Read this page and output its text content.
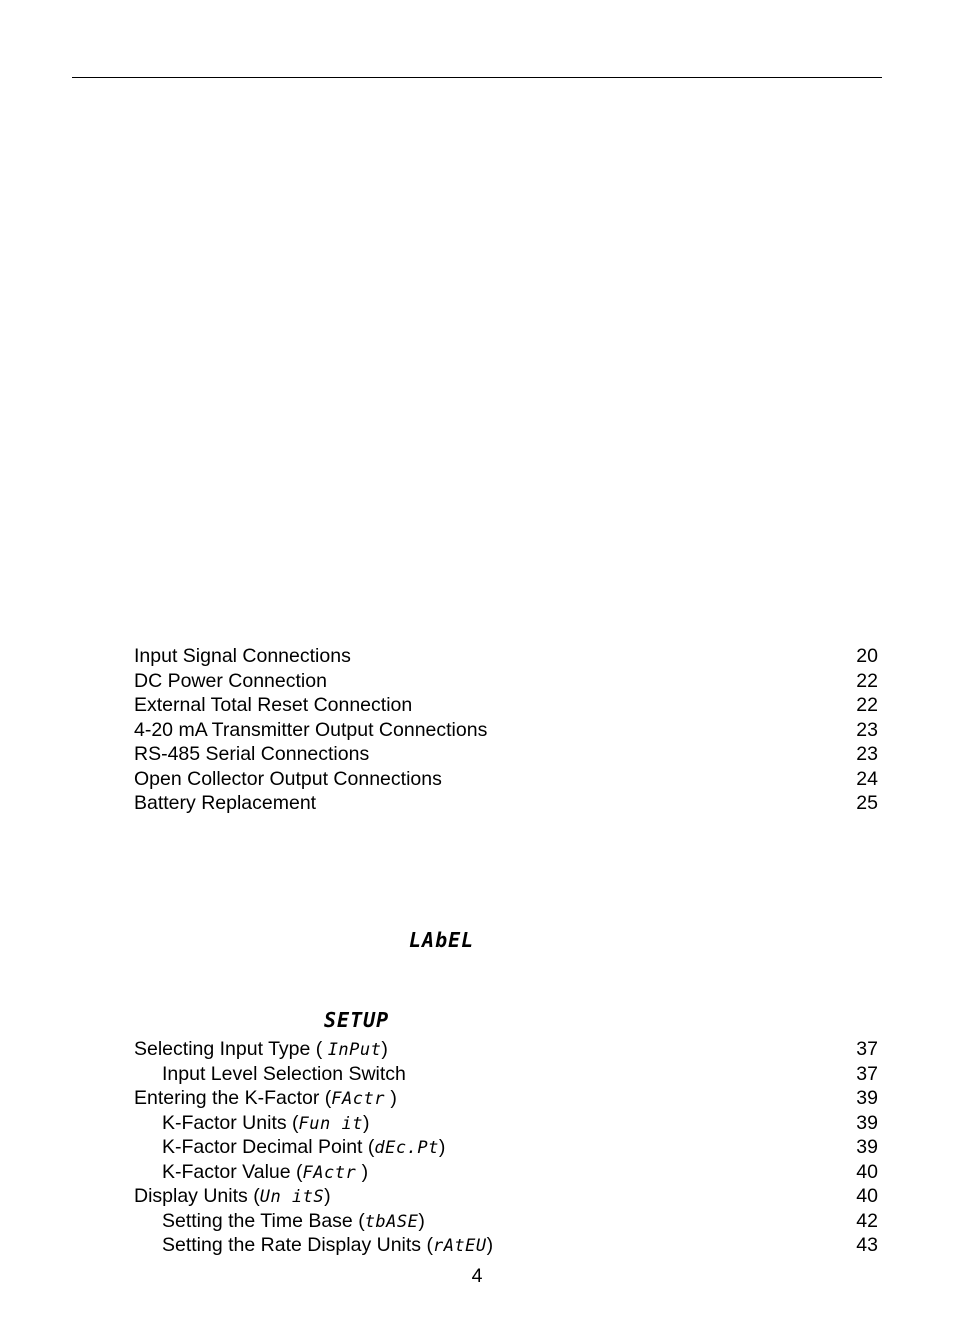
Input Signal Connections	20
DC Power Connection	22
External Total Reset Connection	22
4-20 mA Transmitter Output Connections	23
RS-485 Serial Connections	23
Open Collector Output Connections	24
Battery Replacement	25
LAbEL
SETUP
Selecting Input Type ( InPut)	37
Input Level Selection Switch	37
Entering the K-Factor (FActr )	39
K-Factor Units (Fun it)	39
K-Factor Decimal Point (dEc.Pt)	39
K-Factor Value (FActr )	40
Display Units (Un itS)	40
Setting the Time Base (tbASE)	42
Setting the Rate Display Units (rAtEU)	43
4
